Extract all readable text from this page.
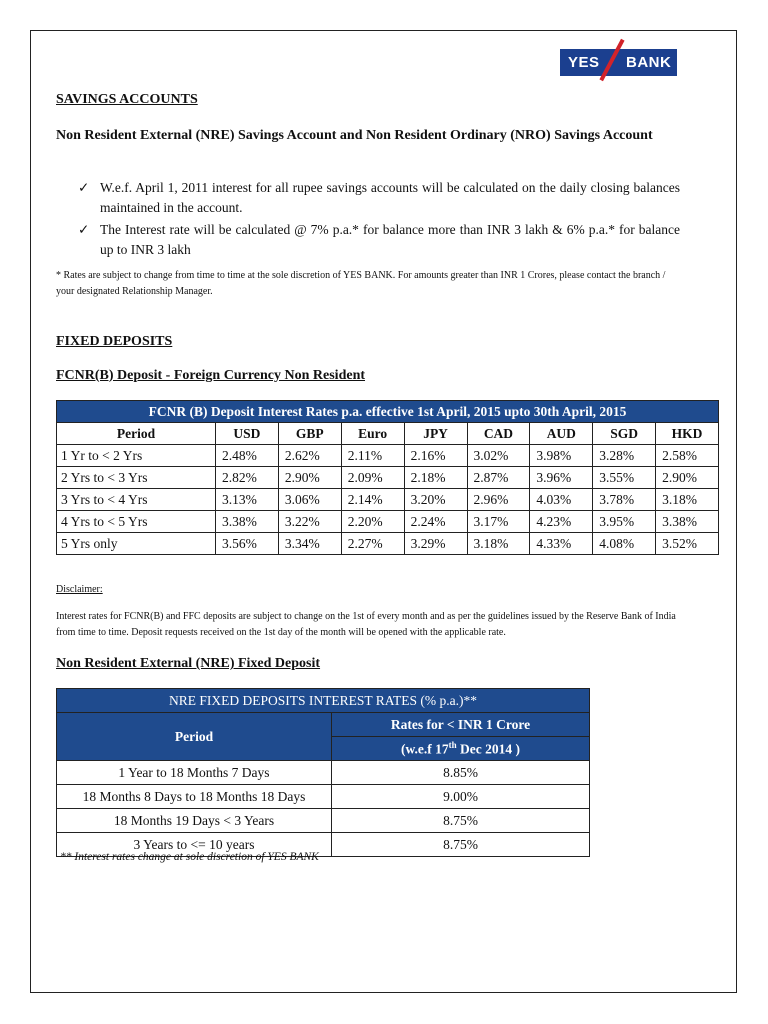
YES	BANK
SAVINGS ACCOUNTS
Non Resident External (NRE) Savings Account and Non Resident Ordinary (NRO) Savings Account
✓ W.e.f. April 1, 2011 interest for all rupee savings accounts will be calculated on the daily closing balances maintained in the account.
✓ The Interest rate will be calculated @ 7% p.a.* for balance more than INR 3 lakh & 6% p.a.* for balance up to INR 3 lakh
* Rates are subject to change from time to time at the sole discretion of YES BANK. For amounts greater than INR 1 Crores, please contact the branch / your designated Relationship Manager.
FIXED DEPOSITS
FCNR(B) Deposit - Foreign Currency Non Resident
FCNR (B) Deposit Interest Rates p.a. effective 1st April, 2015 upto 30th April, 2015								
Period	USD	GBP	Euro	JPY	CAD	AUD	SGD	HKD
1 Yr to < 2 Yrs	2.48%	2.62%	2.11%	2.16%	3.02%	3.98%	3.28%	2.58%
2 Yrs to < 3 Yrs	2.82%	2.90%	2.09%	2.18%	2.87%	3.96%	3.55%	2.90%
3 Yrs to < 4 Yrs	3.13%	3.06%	2.14%	3.20%	2.96%	4.03%	3.78%	3.18%
4 Yrs to < 5 Yrs	3.38%	3.22%	2.20%	2.24%	3.17%	4.23%	3.95%	3.38%
5 Yrs only	3.56%	3.34%	2.27%	3.29%	3.18%	4.33%	4.08%	3.52%
Disclaimer:
Interest rates for FCNR(B) and FFC deposits are subject to change on the 1st of every month and as per the guidelines issued by the Reserve Bank of India from time to time. Deposit requests received on the 1st day of the month will be opened with the applicable rate.
Non Resident External (NRE) Fixed Deposit
NRE FIXED DEPOSITS INTEREST RATES (% p.a.)**	
Period	Rates for < INR 1 Crore
	(w.e.f 17th Dec 2014 )
1 Year to 18 Months 7 Days	8.85%
18 Months 8 Days to 18 Months 18 Days	9.00%
18 Months 19 Days < 3 Years	8.75%
3 Years to <= 10 years	8.75%
** Interest rates change at sole discretion of YES BANK
